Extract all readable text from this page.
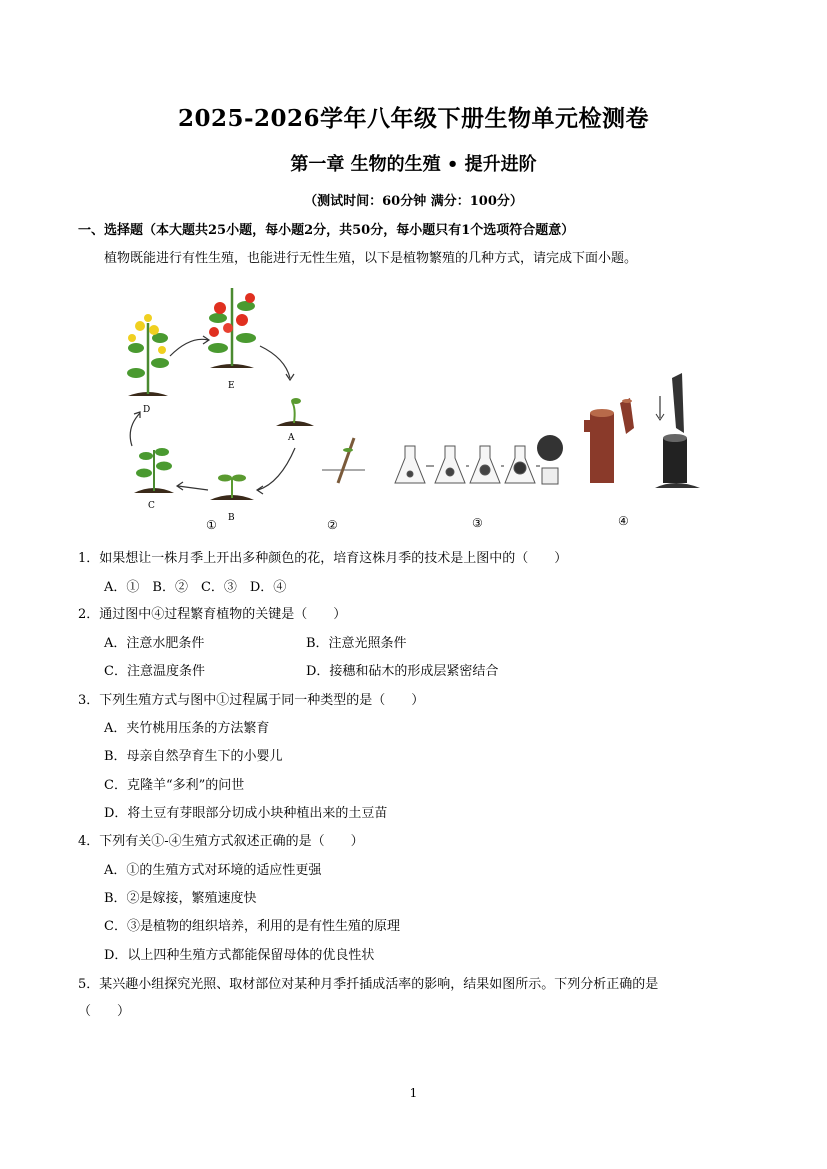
2025-2026学年八年级下册生物单元检测卷
第一章 生物的生殖 • 提升进阶
（测试时间：60分钟 满分：100分）
一、选择题（本大题共25小题，每小题2分，共50分，每小题只有1个选项符合题意）
植物既能进行有性生殖，也能进行无性生殖，以下是植物繁殖的几种方式，请完成下面小题。
D
E
A
B
C
①	②	③	④
1．如果想让一株月季上开出多种颜色的花，培育这株月季的技术是上图中的（　　）
A．①　B．②　C．③　D．④
2．通过图中④过程繁育植物的关键是（　　）
A．注意水肥条件	B．注意光照条件
C．注意温度条件	D．接穗和砧木的形成层紧密结合
3．下列生殖方式与图中①过程属于同一种类型的是（　　）
A．夹竹桃用压条的方法繁育
B．母亲自然孕育生下的小婴儿
C．克隆羊“多利”的问世
D．将土豆有芽眼部分切成小块种植出来的土豆苗
4．下列有关①-④生殖方式叙述正确的是（　　）
A．①的生殖方式对环境的适应性更强
B．②是嫁接，繁殖速度快
C．③是植物的组织培养，利用的是有性生殖的原理
D．以上四种生殖方式都能保留母体的优良性状
5．某兴趣小组探究光照、取材部位对某种月季扦插成活率的影响，结果如图所示。下列分析正确的是
（　　）
1
